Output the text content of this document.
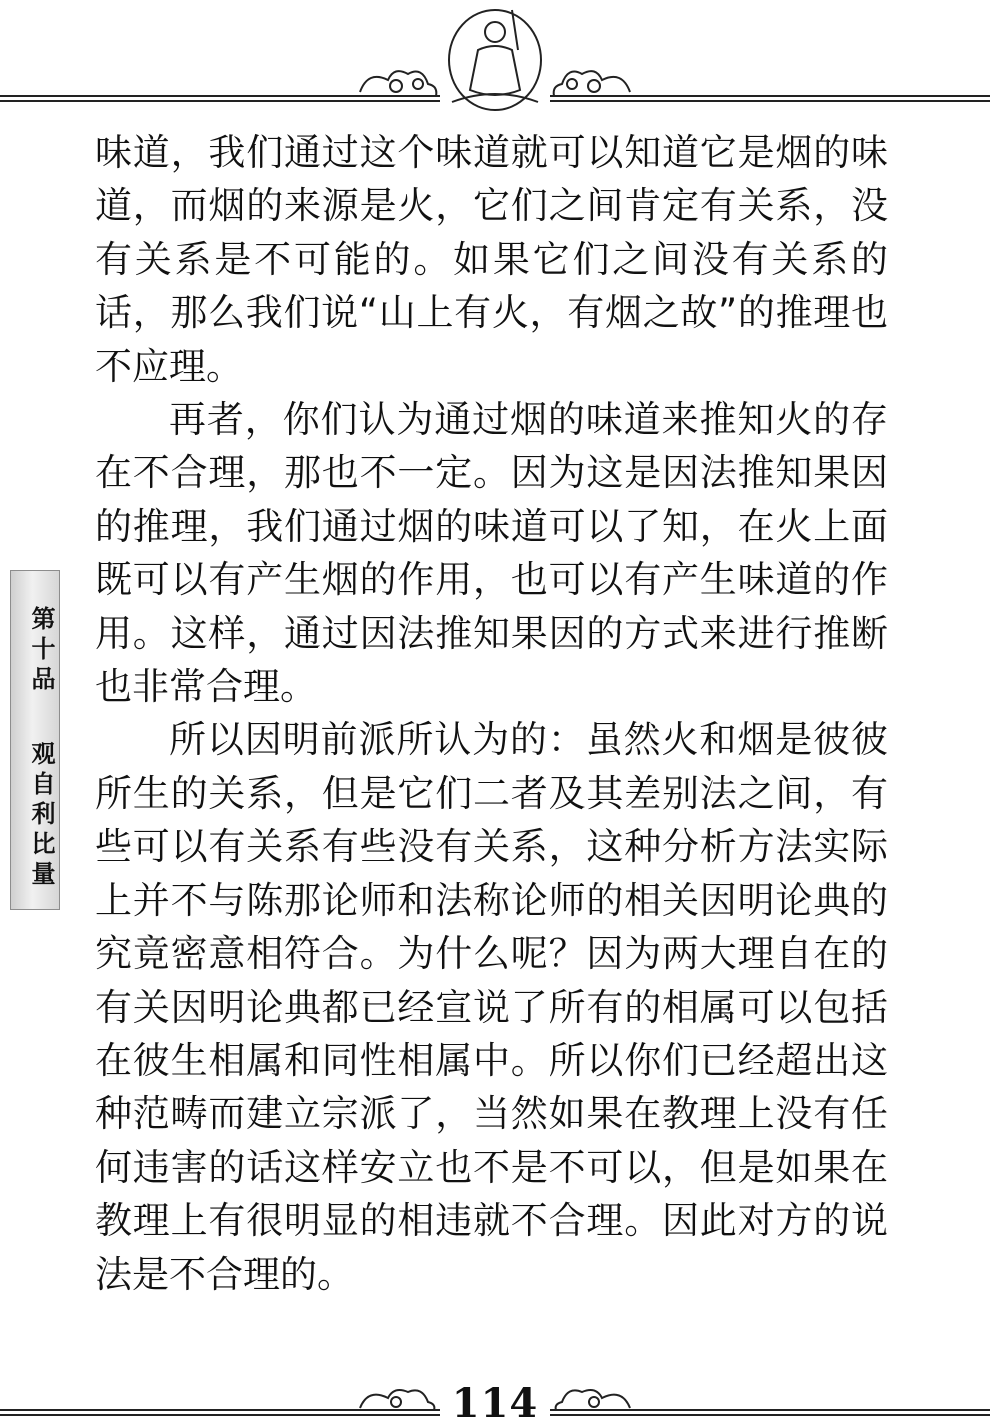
第十品
观自利比量

味道，我们通过这个味道就可以知道它是烟的味道，而烟的来源是火，它们之间肯定有关系，没有关系是不可能的。如果它们之间没有关系的话，那么我们说“山上有火，有烟之故”的推理也不应理。

再者，你们认为通过烟的味道来推知火的存在不合理，那也不一定。因为这是因法推知果因的推理，我们通过烟的味道可以了知，在火上面既可以有产生烟的作用，也可以有产生味道的作用。这样，通过因法推知果因的方式来进行推断也非常合理。

所以因明前派所认为的：虽然火和烟是彼彼所生的关系，但是它们二者及其差别法之间，有些可以有关系有些没有关系，这种分析方法实际上并不与陈那论师和法称论师的相关因明论典的究竟密意相符合。为什么呢？因为两大理自在的有关因明论典都已经宣说了所有的相属可以包括在彼生相属和同性相属中。所以你们已经超出这种范畴而建立宗派了，当然如果在教理上没有任何违害的话这样安立也不是不可以，但是如果在教理上有很明显的相违就不合理。因此对方的说法是不合理的。

114
